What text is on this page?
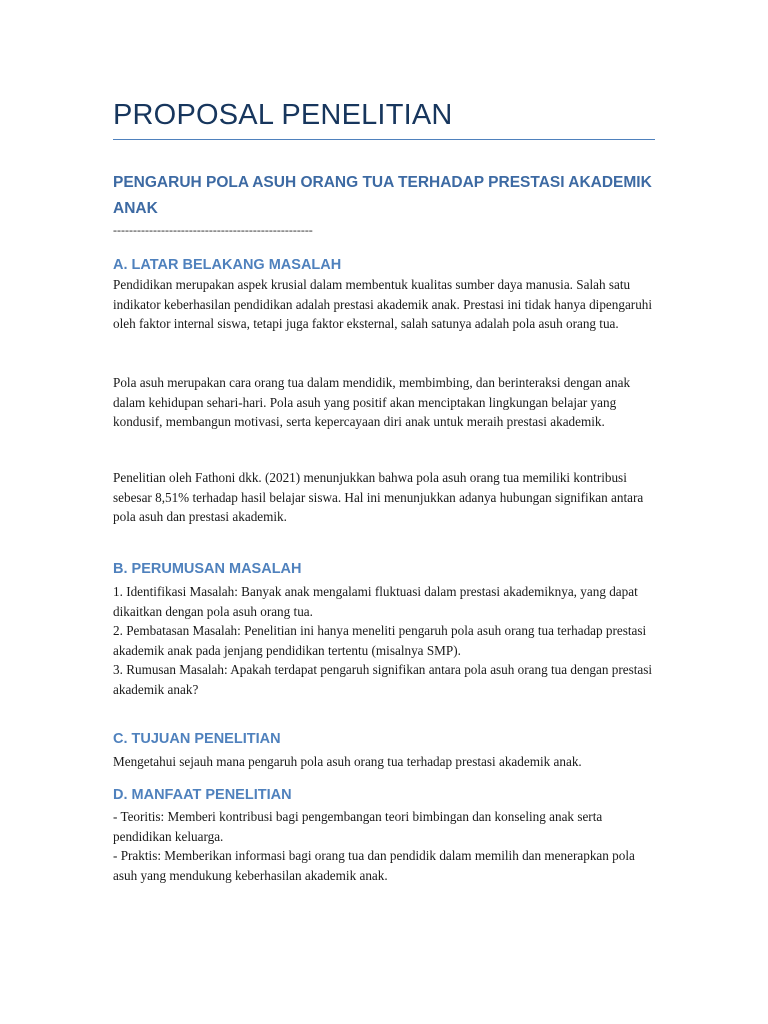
PROPOSAL PENELITIAN
PENGARUH POLA ASUH ORANG TUA TERHADAP PRESTASI AKADEMIK ANAK
--------------------------------------------------
A. LATAR BELAKANG MASALAH

Pendidikan merupakan aspek krusial dalam membentuk kualitas sumber daya manusia. Salah satu indikator keberhasilan pendidikan adalah prestasi akademik anak. Prestasi ini tidak hanya dipengaruhi oleh faktor internal siswa, tetapi juga faktor eksternal, salah satunya adalah pola asuh orang tua.

Pola asuh merupakan cara orang tua dalam mendidik, membimbing, dan berinteraksi dengan anak dalam kehidupan sehari-hari. Pola asuh yang positif akan menciptakan lingkungan belajar yang kondusif, membangun motivasi, serta kepercayaan diri anak untuk meraih prestasi akademik.

Penelitian oleh Fathoni dkk. (2021) menunjukkan bahwa pola asuh orang tua memiliki kontribusi sebesar 8,51% terhadap hasil belajar siswa. Hal ini menunjukkan adanya hubungan signifikan antara pola asuh dan prestasi akademik.

B. PERUMUSAN MASALAH

1. Identifikasi Masalah: Banyak anak mengalami fluktuasi dalam prestasi akademiknya, yang dapat dikaitkan dengan pola asuh orang tua.

2. Pembatasan Masalah: Penelitian ini hanya meneliti pengaruh pola asuh orang tua terhadap prestasi akademik anak pada jenjang pendidikan tertentu (misalnya SMP).

3. Rumusan Masalah: Apakah terdapat pengaruh signifikan antara pola asuh orang tua dengan prestasi akademik anak?

C. TUJUAN PENELITIAN

Mengetahui sejauh mana pengaruh pola asuh orang tua terhadap prestasi akademik anak.

D. MANFAAT PENELITIAN

- Teoritis: Memberi kontribusi bagi pengembangan teori bimbingan dan konseling anak serta pendidikan keluarga.

- Praktis: Memberikan informasi bagi orang tua dan pendidik dalam memilih dan menerapkan pola asuh yang mendukung keberhasilan akademik anak.
